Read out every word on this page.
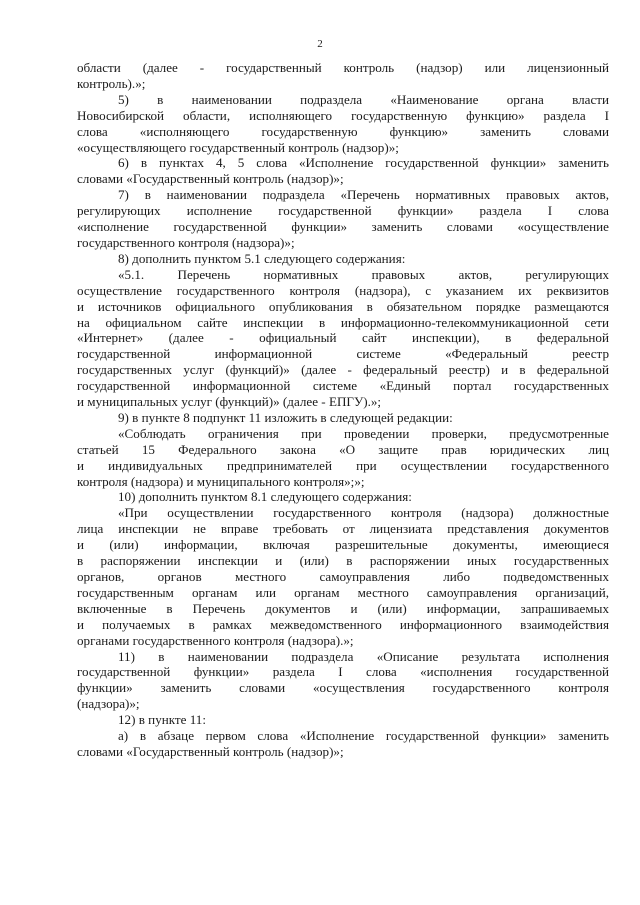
2
области (далее - государственный контроль (надзор) или лицензионный
контроль).»;
5) в наименовании подраздела «Наименование органа власти
Новосибирской области, исполняющего государственную функцию» раздела I
слова «исполняющего государственную функцию» заменить словами
«осуществляющего государственный контроль (надзор)»;
6) в пунктах 4, 5 слова «Исполнение государственной функции» заменить
словами «Государственный контроль (надзор)»;
7) в наименовании подраздела «Перечень нормативных правовых актов,
регулирующих исполнение государственной функции» раздела I слова
«исполнение государственной функции» заменить словами «осуществление
государственного контроля (надзора)»;
8) дополнить пунктом 5.1 следующего содержания:
«5.1. Перечень нормативных правовых актов, регулирующих
осуществление государственного контроля (надзора), с указанием их реквизитов
и источников официального опубликования в обязательном порядке размещаются
на официальном сайте инспекции в информационно-телекоммуникационной сети
«Интернет» (далее - официальный сайт инспекции), в федеральной
государственной информационной системе «Федеральный реестр
государственных услуг (функций)» (далее - федеральный реестр) и в федеральной
государственной информационной системе «Единый портал государственных
и муниципальных услуг (функций)» (далее - ЕПГУ).»;
9) в пункте 8 подпункт 11 изложить в следующей редакции:
«Соблюдать ограничения при проведении проверки, предусмотренные
статьей 15 Федерального закона «О защите прав юридических лиц
и индивидуальных предпринимателей при осуществлении государственного
контроля (надзора) и муниципального контроля»;»;
10) дополнить пунктом 8.1 следующего содержания:
«При осуществлении государственного контроля (надзора) должностные
лица инспекции не вправе требовать от лицензиата представления документов
и (или) информации, включая разрешительные документы, имеющиеся
в распоряжении инспекции и (или) в распоряжении иных государственных
органов, органов местного самоуправления либо подведомственных
государственным органам или органам местного самоуправления организаций,
включенные в Перечень документов и (или) информации, запрашиваемых
и получаемых в рамках межведомственного информационного взаимодействия
органами государственного контроля (надзора).»;
11) в наименовании подраздела «Описание результата исполнения
государственной функции» раздела I слова «исполнения государственной
функции» заменить словами «осуществления государственного контроля
(надзора)»;
12) в пункте 11:
а) в абзаце первом слова «Исполнение государственной функции» заменить
словами «Государственный контроль (надзор)»;
